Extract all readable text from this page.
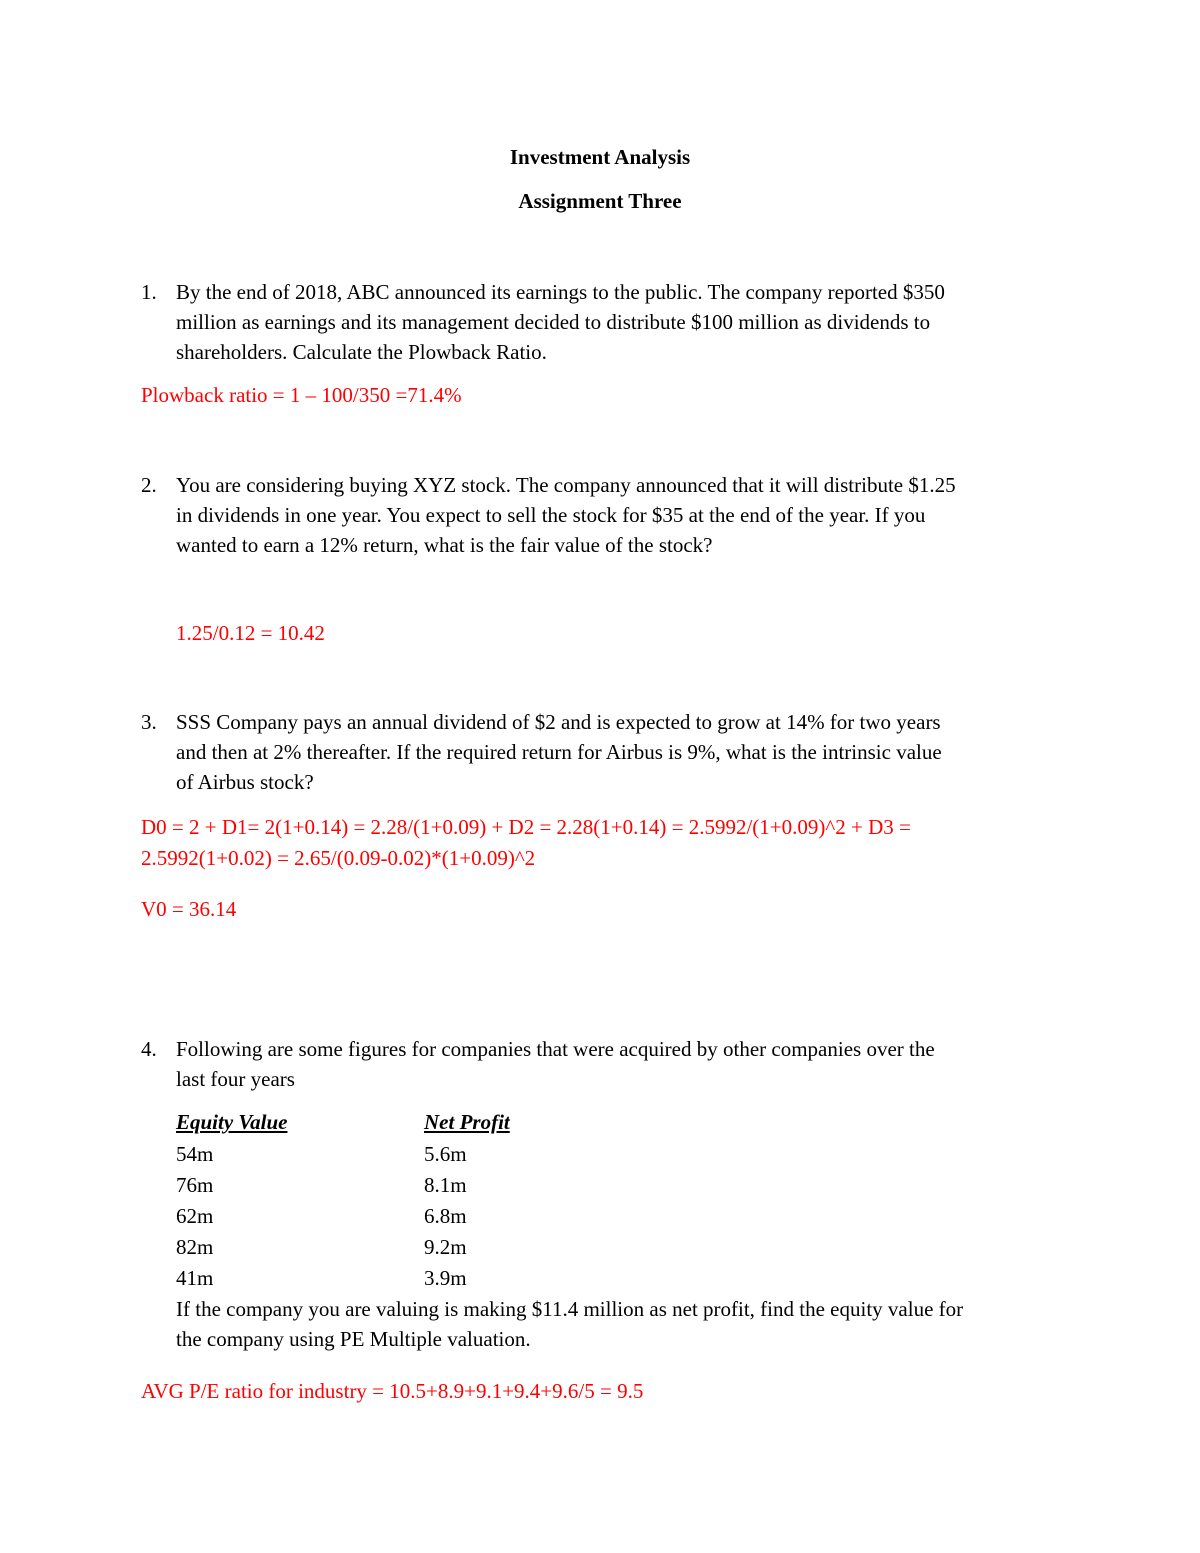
Investment Analysis
Assignment Three
1. By the end of 2018, ABC announced its earnings to the public. The company reported $350
million as earnings and its management decided to distribute $100 million as dividends to
shareholders. Calculate the Plowback Ratio.
Plowback ratio = 1 – 100/350 =71.4%
2. You are considering buying XYZ stock. The company announced that it will distribute $1.25
in dividends in one year. You expect to sell the stock for $35 at the end of the year. If you
wanted to earn a 12% return, what is the fair value of the stock?
1.25/0.12 = 10.42
3. SSS Company pays an annual dividend of $2 and is expected to grow at 14% for two years
and then at 2% thereafter. If the required return for Airbus is 9%, what is the intrinsic value
of Airbus stock?
D0 = 2 + D1= 2(1+0.14) = 2.28/(1+0.09) + D2 = 2.28(1+0.14) = 2.5992/(1+0.09)^2 + D3 =
2.5992(1+0.02) = 2.65/(0.09-0.02)*(1+0.09)^2
V0 = 36.14
4. Following are some figures for companies that were acquired by other companies over the
last four years
Equity Value	Net Profit
54m	5.6m
76m	8.1m
62m	6.8m
82m	9.2m
41m	3.9m
If the company you are valuing is making $11.4 million as net profit, find the equity value for
the company using PE Multiple valuation.
AVG P/E ratio for industry = 10.5+8.9+9.1+9.4+9.6/5 = 9.5
